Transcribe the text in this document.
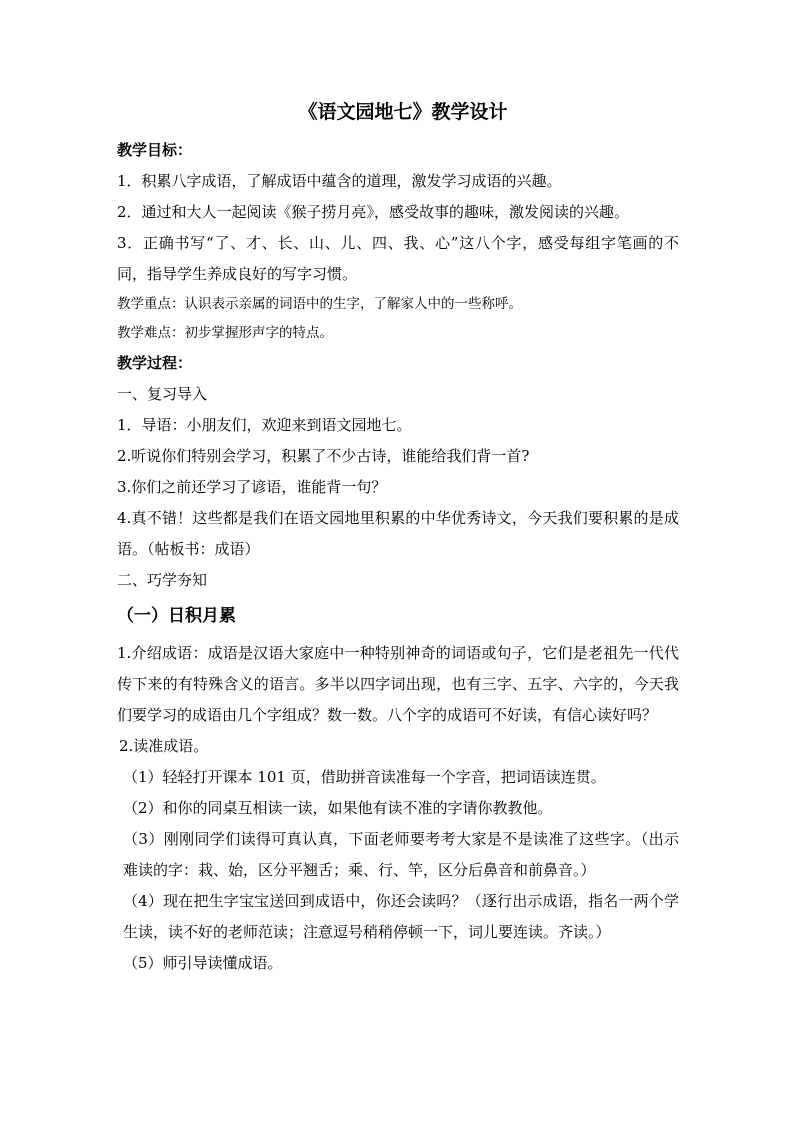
《语文园地七》教学设计

教学目标：

1．积累八字成语，了解成语中蕴含的道理，激发学习成语的兴趣。

2．通过和大人一起阅读《猴子捞月亮》，感受故事的趣味，激发阅读的兴趣。

3．正确书写“了、才、长、山、儿、四、我、心”这八个字，感受每组字笔画的不同，指导学生养成良好的写字习惯。

教学重点：认识表示亲属的词语中的生字，了解家人中的一些称呼。

教学难点：初步掌握形声字的特点。

教学过程：

一、复习导入

1．导语：小朋友们，欢迎来到语文园地七。

2.听说你们特别会学习，积累了不少古诗，谁能给我们背一首?

3.你们之前还学习了谚语，谁能背一句？

4.真不错！这些都是我们在语文园地里积累的中华优秀诗文，今天我们要积累的是成语。（帖板书：成语）

二、巧学夯知

（一）日积月累

1.介绍成语：成语是汉语大家庭中一种特别神奇的词语或句子，它们是老祖先一代代传下来的有特殊含义的语言。多半以四字词出现，也有三字、五字、六字的，今天我们要学习的成语由几个字组成？数一数。八个字的成语可不好读，有信心读好吗？

2.读准成语。

（1）轻轻打开课本 101 页，借助拼音读准每一个字音，把词语读连贯。

（2）和你的同桌互相读一读，如果他有读不准的字请你教教他。

（3）刚刚同学们读得可真认真，下面老师要考考大家是不是读准了这些字。（出示难读的字：栽、始，区分平翘舌；乘、行、竿，区分后鼻音和前鼻音。）

（4）现在把生字宝宝送回到成语中，你还会读吗？（逐行出示成语，指名一两个学生读，读不好的老师范读；注意逗号稍稍停顿一下，词儿要连读。齐读。）

（5）师引导读懂成语。
